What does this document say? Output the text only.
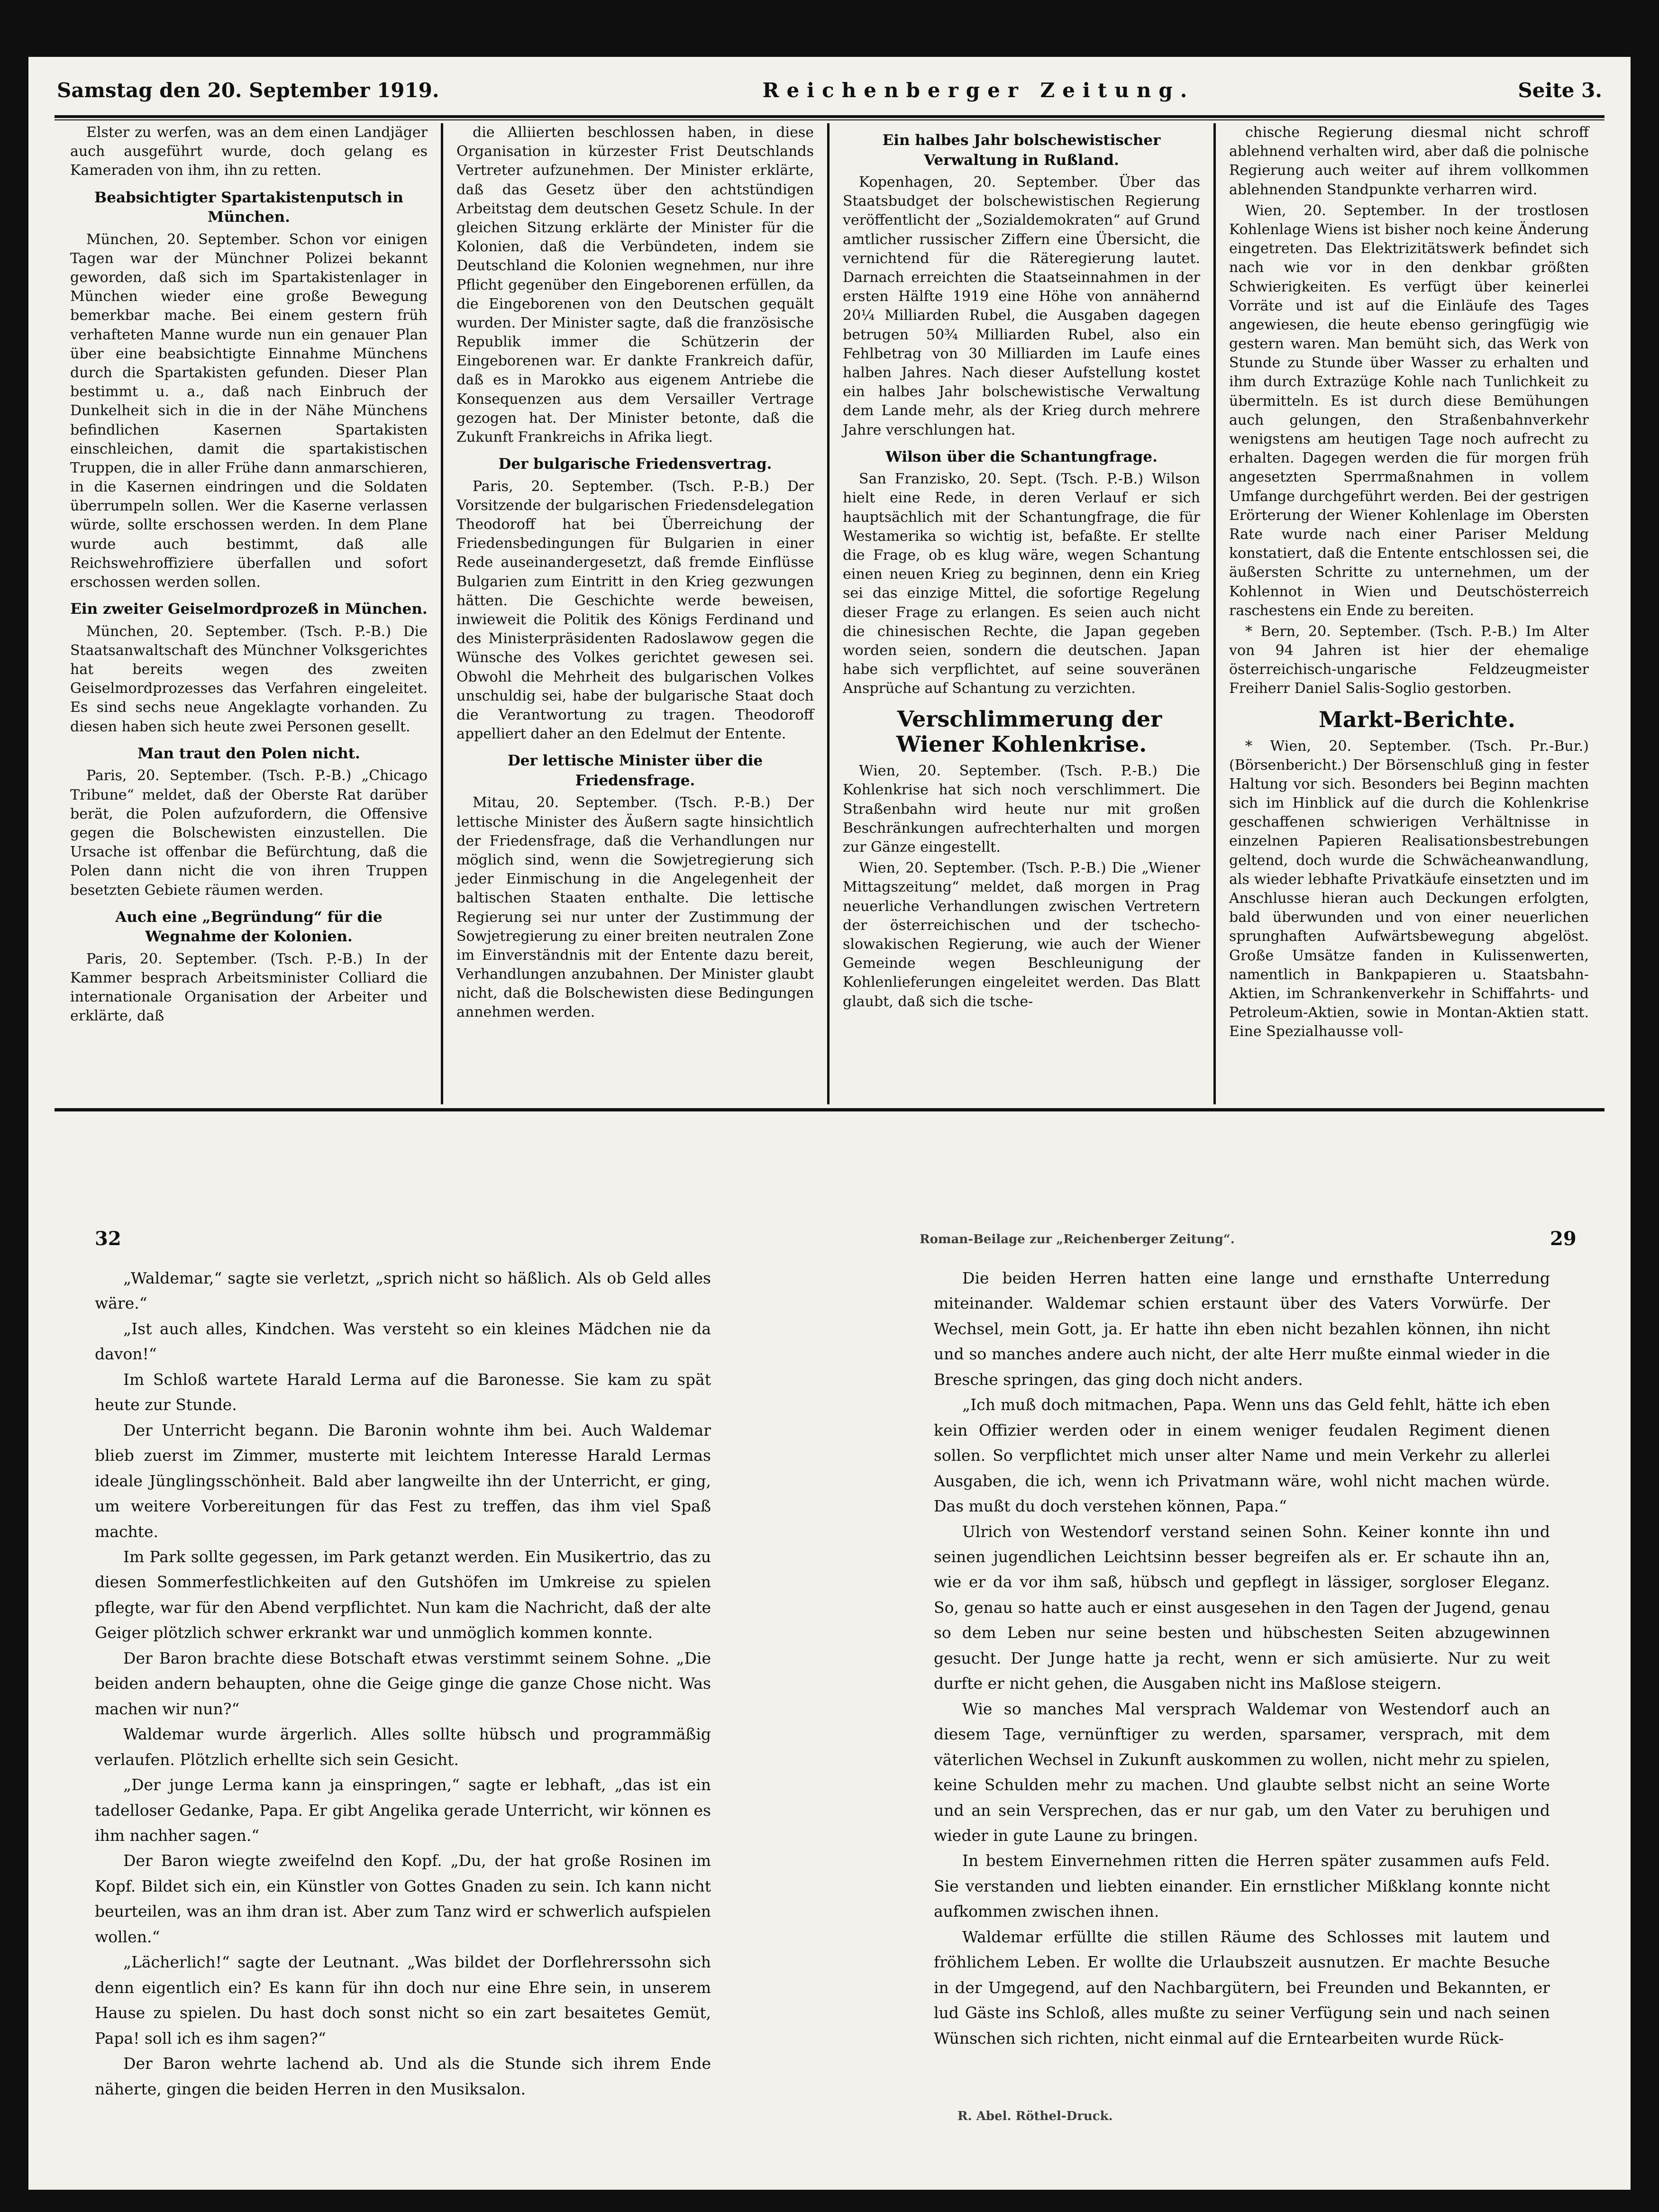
Samstag den 20. September 1919.	Reichenberger Zeitung.	Seite 3.

Elster zu werfen, was an dem einen Landjäger auch ausgeführt wurde, doch gelang es Kameraden von ihm, ihn zu retten.

Beabsichtigter Spartakistenputsch in München.

München, 20. September. Schon vor einigen Tagen war der Münchner Polizei bekannt geworden, daß sich im Spartakistenlager in München wieder eine große Bewegung bemerkbar mache. Bei einem gestern früh verhafteten Manne wurde nun ein genauer Plan über eine beabsichtigte Einnahme Münchens durch die Spartakisten gefunden. Dieser Plan bestimmt u. a., daß nach Einbruch der Dunkelheit sich in die in der Nähe Münchens befindlichen Kasernen Spartakisten einschleichen, damit die spartakistischen Truppen, die in aller Frühe dann anmarschieren, in die Kasernen eindringen und die Soldaten überrumpeln sollen. Wer die Kaserne verlassen würde, sollte erschossen werden. In dem Plane wurde auch bestimmt, daß alle Reichswehroffiziere überfallen und sofort erschossen werden sollen.

Ein zweiter Geiselmordprozeß in München.

München, 20. September. (Tsch. P.-B.) Die Staatsanwaltschaft des Münchner Volksgerichtes hat bereits wegen des zweiten Geiselmordprozesses das Verfahren eingeleitet. Es sind sechs neue Angeklagte vorhanden. Zu diesen haben sich heute zwei Personen gesellt.

Man traut den Polen nicht.

Paris, 20. September. (Tsch. P.-B.) „Chicago Tribune“ meldet, daß der Oberste Rat darüber berät, die Polen aufzufordern, die Offensive gegen die Bolschewisten einzustellen. Die Ursache ist offenbar die Befürchtung, daß die Polen dann nicht die von ihren Truppen besetzten Gebiete räumen werden.

Auch eine „Begründung“ für die Wegnahme der Kolonien.

Paris, 20. September. (Tsch. P.-B.) In der Kammer besprach Arbeitsminister Colliard die internationale Organisation der Arbeiter und erklärte, daß

die Alliierten beschlossen haben, in diese Organisation in kürzester Frist Deutschlands Vertreter aufzunehmen. Der Minister erklärte, daß das Gesetz über den achtstündigen Arbeitstag dem deutschen Gesetz Schule. In der gleichen Sitzung erklärte der Minister für die Kolonien, daß die Verbündeten, indem sie Deutschland die Kolonien wegnehmen, nur ihre Pflicht gegenüber den Eingeborenen erfüllen, da die Eingeborenen von den Deutschen gequält wurden. Der Minister sagte, daß die französische Republik immer die Schützerin der Eingeborenen war. Er dankte Frankreich dafür, daß es in Marokko aus eigenem Antriebe die Konsequenzen aus dem Versailler Vertrage gezogen hat. Der Minister betonte, daß die Zukunft Frankreichs in Afrika liegt.

Der bulgarische Friedensvertrag.

Paris, 20. September. (Tsch. P.-B.) Der Vorsitzende der bulgarischen Friedensdelegation Theodoroff hat bei Überreichung der Friedensbedingungen für Bulgarien in einer Rede auseinandergesetzt, daß fremde Einflüsse Bulgarien zum Eintritt in den Krieg gezwungen hätten. Die Geschichte werde beweisen, inwieweit die Politik des Königs Ferdinand und des Ministerpräsidenten Radoslawow gegen die Wünsche des Volkes gerichtet gewesen sei. Obwohl die Mehrheit des bulgarischen Volkes unschuldig sei, habe der bulgarische Staat doch die Verantwortung zu tragen. Theodoroff appelliert daher an den Edelmut der Entente.

Der lettische Minister über die Friedensfrage.

Mitau, 20. September. (Tsch. P.-B.) Der lettische Minister des Äußern sagte hinsichtlich der Friedensfrage, daß die Verhandlungen nur möglich sind, wenn die Sowjetregierung sich jeder Einmischung in die Angelegenheit der baltischen Staaten enthalte. Die lettische Regierung sei nur unter der Zustimmung der Sowjetregierung zu einer breiten neutralen Zone im Einverständnis mit der Entente dazu bereit, Verhandlungen anzubahnen. Der Minister glaubt nicht, daß die Bolschewisten diese Bedingungen annehmen werden.

Ein halbes Jahr bolschewistischer Verwaltung in Rußland.

Kopenhagen, 20. September. Über das Staatsbudget der bolschewistischen Regierung veröffentlicht der „Sozialdemokraten“ auf Grund amtlicher russischer Ziffern eine Übersicht, die vernichtend für die Räteregierung lautet. Darnach erreichten die Staatseinnahmen in der ersten Hälfte 1919 eine Höhe von annähernd 20¼ Milliarden Rubel, die Ausgaben dagegen betrugen 50¾ Milliarden Rubel, also ein Fehlbetrag von 30 Milliarden im Laufe eines halben Jahres. Nach dieser Aufstellung kostet ein halbes Jahr bolschewistische Verwaltung dem Lande mehr, als der Krieg durch mehrere Jahre verschlungen hat.

Wilson über die Schantungfrage.

San Franzisko, 20. Sept. (Tsch. P.-B.) Wilson hielt eine Rede, in deren Verlauf er sich hauptsächlich mit der Schantungfrage, die für Westamerika so wichtig ist, befaßte. Er stellte die Frage, ob es klug wäre, wegen Schantung einen neuen Krieg zu beginnen, denn ein Krieg sei das einzige Mittel, die sofortige Regelung dieser Frage zu erlangen. Es seien auch nicht die chinesischen Rechte, die Japan gegeben worden seien, sondern die deutschen. Japan habe sich verpflichtet, auf seine souveränen Ansprüche auf Schantung zu verzichten.

Verschlimmerung der Wiener Kohlenkrise.

Wien, 20. September. (Tsch. P.-B.) Die Kohlenkrise hat sich noch verschlimmert. Die Straßenbahn wird heute nur mit großen Beschränkungen aufrechterhalten und morgen zur Gänze eingestellt.

Wien, 20. September. (Tsch. P.-B.) Die „Wiener Mittagszeitung“ meldet, daß morgen in Prag neuerliche Verhandlungen zwischen Vertretern der österreichischen und der tschecho-slowakischen Regierung, wie auch der Wiener Gemeinde wegen Beschleunigung der Kohlenlieferungen eingeleitet werden. Das Blatt glaubt, daß sich die tsche-

chische Regierung diesmal nicht schroff ablehnend verhalten wird, aber daß die polnische Regierung auch weiter auf ihrem vollkommen ablehnenden Standpunkte verharren wird.

Wien, 20. September. In der trostlosen Kohlenlage Wiens ist bisher noch keine Änderung eingetreten. Das Elektrizitätswerk befindet sich nach wie vor in den denkbar größten Schwierigkeiten. Es verfügt über keinerlei Vorräte und ist auf die Einläufe des Tages angewiesen, die heute ebenso geringfügig wie gestern waren. Man bemüht sich, das Werk von Stunde zu Stunde über Wasser zu erhalten und ihm durch Extrazüge Kohle nach Tunlichkeit zu übermitteln. Es ist durch diese Bemühungen auch gelungen, den Straßenbahnverkehr wenigstens am heutigen Tage noch aufrecht zu erhalten. Dagegen werden die für morgen früh angesetzten Sperrmaßnahmen in vollem Umfange durchgeführt werden. Bei der gestrigen Erörterung der Wiener Kohlenlage im Obersten Rate wurde nach einer Pariser Meldung konstatiert, daß die Entente entschlossen sei, die äußersten Schritte zu unternehmen, um der Kohlennot in Wien und Deutschösterreich raschestens ein Ende zu bereiten.

* Bern, 20. September. (Tsch. P.-B.) Im Alter von 94 Jahren ist hier der ehemalige österreichisch-ungarische Feldzeugmeister Freiherr Daniel Salis-Soglio gestorben.

Markt-Berichte.

* Wien, 20. September. (Tsch. Pr.-Bur.) (Börsenbericht.) Der Börsenschluß ging in fester Haltung vor sich. Besonders bei Beginn machten sich im Hinblick auf die durch die Kohlenkrise geschaffenen schwierigen Verhältnisse in einzelnen Papieren Realisationsbestrebungen geltend, doch wurde die Schwächeanwandlung, als wieder lebhafte Privatkäufe einsetzten und im Anschlusse hieran auch Deckungen erfolgten, bald überwunden und von einer neuerlichen sprunghaften Aufwärtsbewegung abgelöst. Große Umsätze fanden in Kulissenwerten, namentlich in Bankpapieren u. Staatsbahn-Aktien, im Schrankenverkehr in Schiffahrts- und Petroleum-Aktien, sowie in Montan-Aktien statt. Eine Spezialhausse voll-

32	Roman-Beilage zur „Reichenberger Zeitung“.	29

„Waldemar,“ sagte sie verletzt, „sprich nicht so häßlich. Als ob Geld alles wäre.“

„Ist auch alles, Kindchen. Was versteht so ein kleines Mädchen nie da davon!“

Im Schloß wartete Harald Lerma auf die Baronesse. Sie kam zu spät heute zur Stunde.

Der Unterricht begann. Die Baronin wohnte ihm bei. Auch Waldemar blieb zuerst im Zimmer, musterte mit leichtem Interesse Harald Lermas ideale Jünglingsschönheit. Bald aber langweilte ihn der Unterricht, er ging, um weitere Vorbereitungen für das Fest zu treffen, das ihm viel Spaß machte.

Im Park sollte gegessen, im Park getanzt werden. Ein Musikertrio, das zu diesen Sommerfestlichkeiten auf den Gutshöfen im Umkreise zu spielen pflegte, war für den Abend verpflichtet. Nun kam die Nachricht, daß der alte Geiger plötzlich schwer erkrankt war und unmöglich kommen konnte.

Der Baron brachte diese Botschaft etwas verstimmt seinem Sohne. „Die beiden andern behaupten, ohne die Geige ginge die ganze Chose nicht. Was machen wir nun?“

Waldemar wurde ärgerlich. Alles sollte hübsch und programmäßig verlaufen. Plötzlich erhellte sich sein Gesicht.

„Der junge Lerma kann ja einspringen,“ sagte er lebhaft, „das ist ein tadelloser Gedanke, Papa. Er gibt Angelika gerade Unterricht, wir können es ihm nachher sagen.“

Der Baron wiegte zweifelnd den Kopf. „Du, der hat große Rosinen im Kopf. Bildet sich ein, ein Künstler von Gottes Gnaden zu sein. Ich kann nicht beurteilen, was an ihm dran ist. Aber zum Tanz wird er schwerlich aufspielen wollen.“

„Lächerlich!“ sagte der Leutnant. „Was bildet der Dorflehrerssohn sich denn eigentlich ein? Es kann für ihn doch nur eine Ehre sein, in unserem Hause zu spielen. Du hast doch sonst nicht so ein zart besaitetes Gemüt, Papa! soll ich es ihm sagen?“

Der Baron wehrte lachend ab. Und als die Stunde sich ihrem Ende näherte, gingen die beiden Herren in den Musiksalon.

Die beiden Herren hatten eine lange und ernsthafte Unterredung miteinander. Waldemar schien erstaunt über des Vaters Vorwürfe. Der Wechsel, mein Gott, ja. Er hatte ihn eben nicht bezahlen können, ihn nicht und so manches andere auch nicht, der alte Herr mußte einmal wieder in die Bresche springen, das ging doch nicht anders.

„Ich muß doch mitmachen, Papa. Wenn uns das Geld fehlt, hätte ich eben kein Offizier werden oder in einem weniger feudalen Regiment dienen sollen. So verpflichtet mich unser alter Name und mein Verkehr zu allerlei Ausgaben, die ich, wenn ich Privatmann wäre, wohl nicht machen würde. Das mußt du doch verstehen können, Papa.“

Ulrich von Westendorf verstand seinen Sohn. Keiner konnte ihn und seinen jugendlichen Leichtsinn besser begreifen als er. Er schaute ihn an, wie er da vor ihm saß, hübsch und gepflegt in lässiger, sorgloser Eleganz. So, genau so hatte auch er einst ausgesehen in den Tagen der Jugend, genau so dem Leben nur seine besten und hübschesten Seiten abzugewinnen gesucht. Der Junge hatte ja recht, wenn er sich amüsierte. Nur zu weit durfte er nicht gehen, die Ausgaben nicht ins Maßlose steigern.

Wie so manches Mal versprach Waldemar von Westendorf auch an diesem Tage, vernünftiger zu werden, sparsamer, versprach, mit dem väterlichen Wechsel in Zukunft auskommen zu wollen, nicht mehr zu spielen, keine Schulden mehr zu machen. Und glaubte selbst nicht an seine Worte und an sein Versprechen, das er nur gab, um den Vater zu beruhigen und wieder in gute Laune zu bringen.

In bestem Einvernehmen ritten die Herren später zusammen aufs Feld. Sie verstanden und liebten einander. Ein ernstlicher Mißklang konnte nicht aufkommen zwischen ihnen.

Waldemar erfüllte die stillen Räume des Schlosses mit lautem und fröhlichem Leben. Er wollte die Urlaubszeit ausnutzen. Er machte Besuche in der Umgegend, auf den Nachbargütern, bei Freunden und Bekannten, er lud Gäste ins Schloß, alles mußte zu seiner Verfügung sein und nach seinen Wünschen sich richten, nicht einmal auf die Erntearbeiten wurde Rück-

R. Abel. Röthel-Druck.
